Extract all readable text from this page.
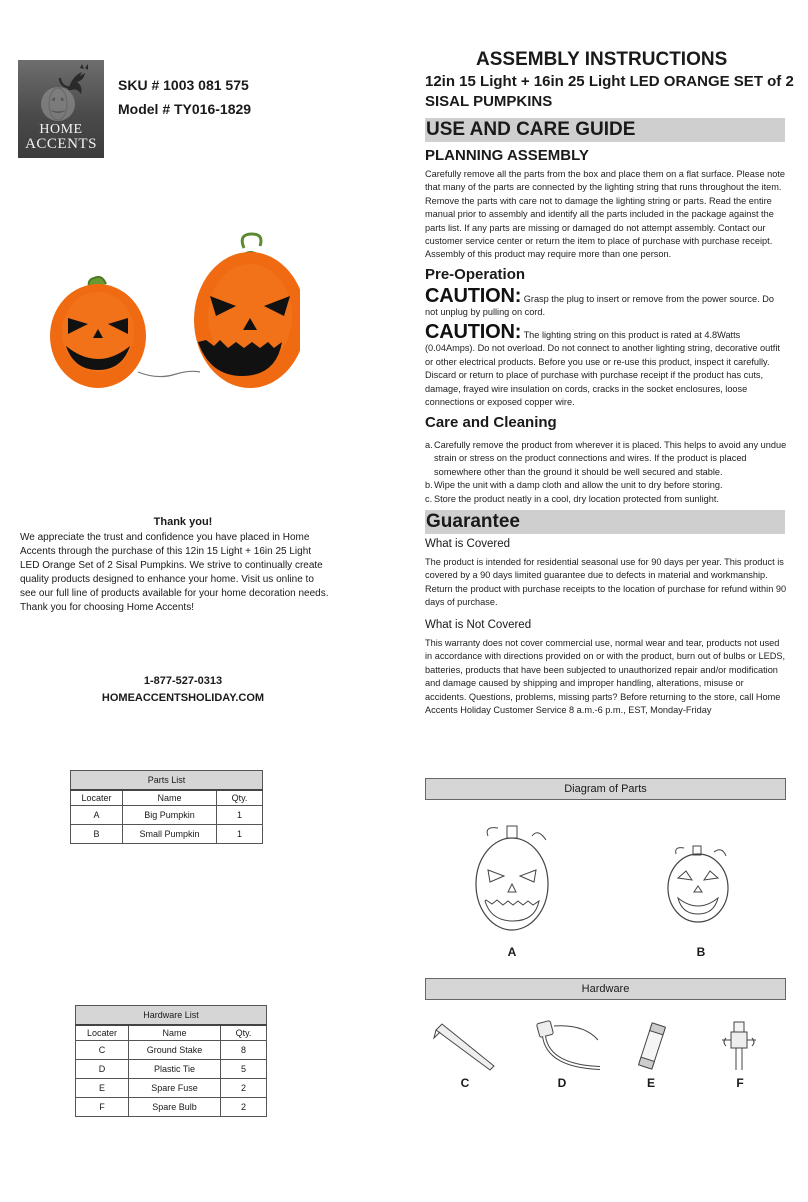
HOME
ACCENTS
SKU # 1003 081 575
Model # TY016-1829
Thank you!
We appreciate the trust and confidence you have placed in Home Accents through the purchase of this 12in 15 Light + 16in 25 Light LED Orange Set of 2 Sisal Pumpkins. We strive to continually create quality products designed to enhance your home. Visit us online to see our full line of products available for your home decoration needs. Thank you for choosing Home Accents!
1-877-527-0313
HOMEACCENTSHOLIDAY.COM
Parts List		
Locater	Name	Qty.
A	Big Pumpkin	1
B	Small Pumpkin	1
Hardware List		
Locater	Name	Qty.
C	Ground Stake	8
D	Plastic Tie	5
E	Spare Fuse	2
F	Spare Bulb	2
ASSEMBLY INSTRUCTIONS
12in 15 Light + 16in 25 Light LED ORANGE SET of 2 SISAL PUMPKINS
USE AND CARE GUIDE
PLANNING ASSEMBLY
Carefully remove all the parts from the box and place them on a flat surface. Please note that many of the parts are connected by the lighting string that runs throughout the item. Remove the parts with care not to damage the lighting string or parts. Read the entire manual prior to assembly and identify all the parts included in the package against the parts list. If any parts are missing or damaged do not attempt assembly. Contact our customer service center or return the item to place of purchase with purchase receipt. Assembly of this product may require more than one person.
Pre-Operation
CAUTION: Grasp the plug to insert or remove from the power source. Do not unplug by pulling on cord.
CAUTION: The lighting string on this product is rated at 4.8Watts (0.04Amps). Do not overload. Do not connect to another lighting string, decorative outfit or other electrical products. Before you use or re-use this product, inspect it carefully. Discard or return to place of purchase with purchase receipt if the product has cuts, damage, frayed wire insulation on cords, cracks in the socket enclosures, loose connections or exposed copper wire.
Care and Cleaning
a. Carefully remove the product from wherever it is placed. This helps to avoid any undue strain or stress on the product connections and wires. If the product is placed somewhere other than the ground it should be well secured and stable.
b. Wipe the unit with a damp cloth and allow the unit to dry before storing.
c. Store the product neatly in a cool, dry location protected from sunlight.
Guarantee
What is Covered
The product is intended for residential seasonal use for 90 days per year. This product is covered by a 90 days limited guarantee due to defects in material and workmanship. Return the product with purchase receipts to the location of purchase for refund within 90 days of purchase.
What is Not Covered
This warranty does not cover commercial use, normal wear and tear, products not used in accordance with directions provided on or with the product, burn out of bulbs or LEDS, batteries, products that have been subjected to unauthorized repair and/or modification and damage caused by shipping and improper handling, alterations, misuse or accidents. Questions, problems, missing parts? Before returning to the store, call Home Accents Holiday Customer Service 8 a.m.-6 p.m., EST, Monday-Friday
Diagram of Parts
A	B
Hardware
C	D	E	F
